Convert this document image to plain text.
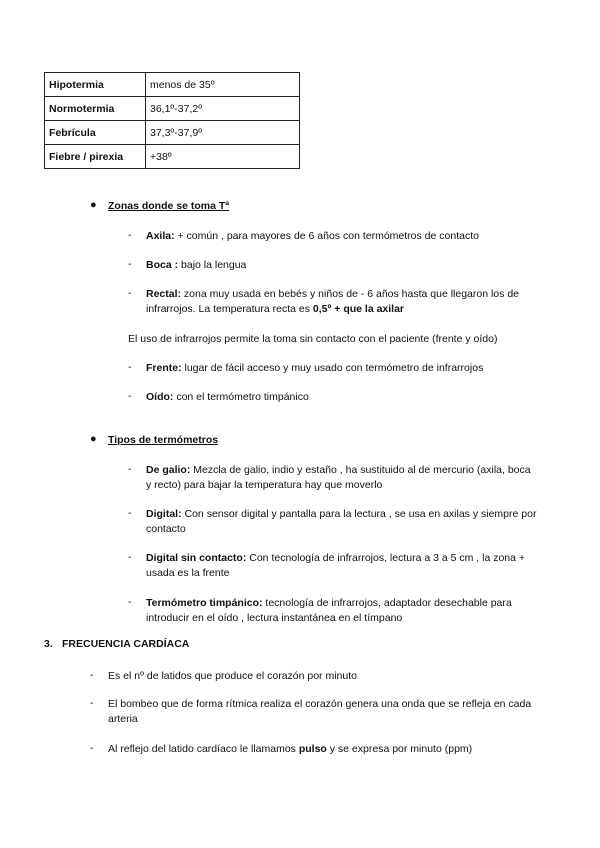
Hipotermia	menos de 35º
Normotermia	36,1º-37,2º
Febrícula	37,3º-37,9º
Fiebre / pirexia	+38º
● Zonas donde se toma Tª
- Axila: + común , para mayores de 6 años con termómetros de contacto
- Boca : bajo la lengua
- Rectal: zona muy usada en bebés y niños de - 6 años hasta que llegaron los de
infrarrojos. La temperatura recta es 0,5º + que la axilar
El uso de infrarrojos permite la toma sin contacto con el paciente (frente y oído)
- Frente: lugar de fácil acceso y muy usado con termómetro de infrarrojos
- Oído: con el termómetro timpánico
● Tipos de termómetros
- De galio: Mezcla de galio, indio y estaño , ha sustituido al de mercurio (axila, boca
y recto) para bajar la temperatura hay que moverlo
- Digital: Con sensor digital y pantalla para la lectura , se usa en axilas y siempre por
contacto
- Digital sin contacto: Con tecnología de infrarrojos, lectura a 3 a 5 cm , la zona +
usada es la frente
- Termómetro timpánico: tecnología de infrarrojos, adaptador desechable para
introducir en el oído , lectura instantánea en el tímpano
3. FRECUENCIA CARDÍACA
- Es el nº de latidos que produce el corazón por minuto
- El bombeo que de forma rítmica realiza el corazón genera una onda que se refleja en cada
arteria
- Al reflejo del latido cardíaco le llamamos pulso y se expresa por minuto (ppm)
